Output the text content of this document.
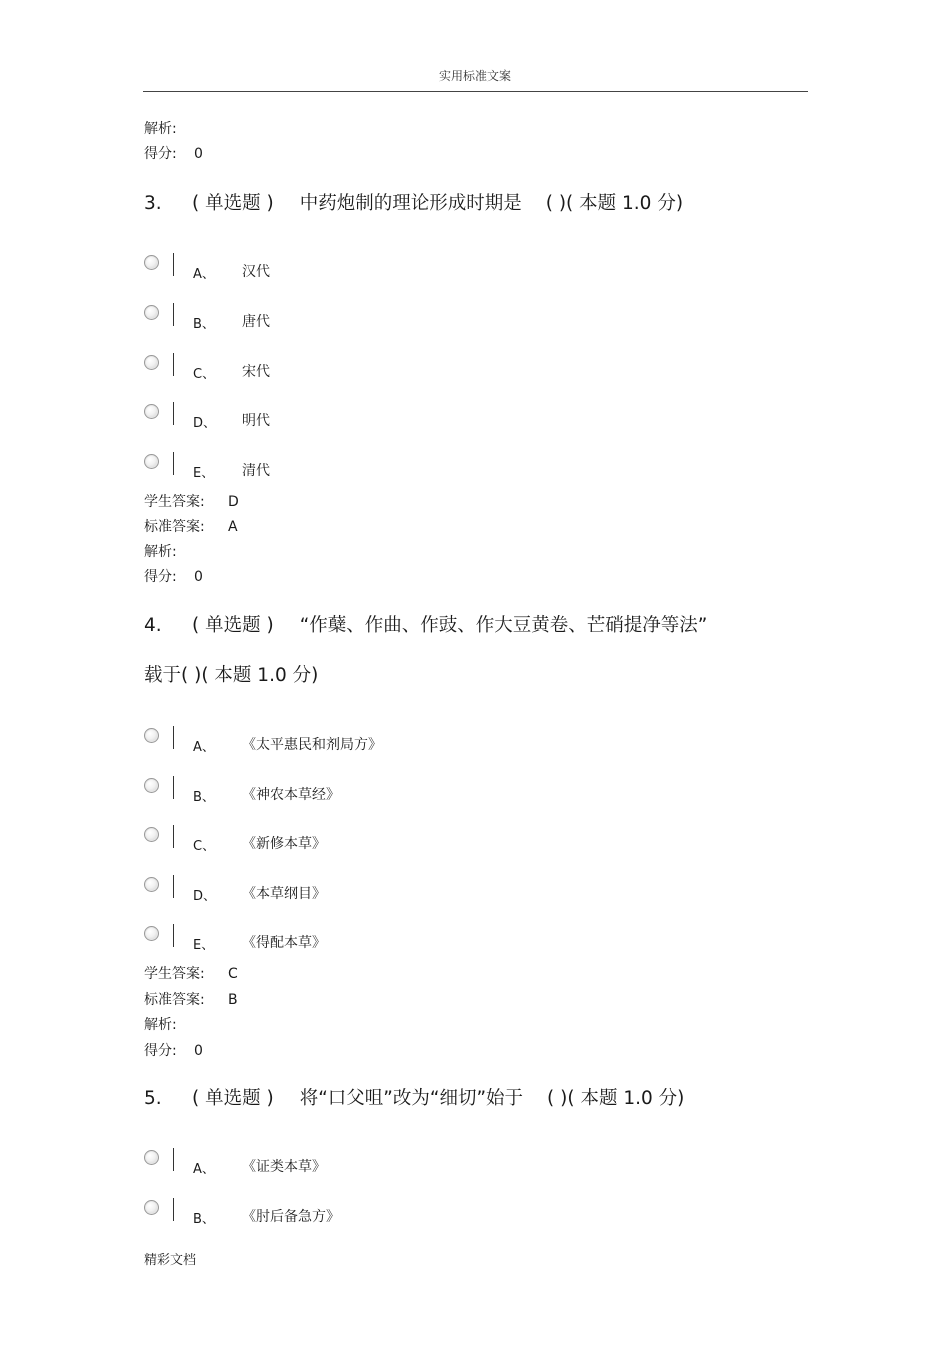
实用标准文案
解析:
得分: 0
3. ( 单选题 ) 中药炮制的理论形成时期是 ( )( 本题 1.0 分)
A、 汉代
B、 唐代
C、 宋代
D、 明代
E、 清代
学生答案: D
标准答案: A
解析:
得分: 0
4. ( 单选题 ) “作蘖、作曲、作豉、作大豆黄卷、芒硝提净等法”
载于( )( 本题 1.0 分)
A、 《太平惠民和剂局方》
B、 《神农本草经》
C、 《新修本草》
D、 《本草纲目》
E、 《得配本草》
学生答案: C
标准答案: B
解析:
得分: 0
5. ( 单选题 ) 将“口父咀”改为“细切”始于 ( )( 本题 1.0 分)
A、 《证类本草》
B、 《肘后备急方》
精彩文档
